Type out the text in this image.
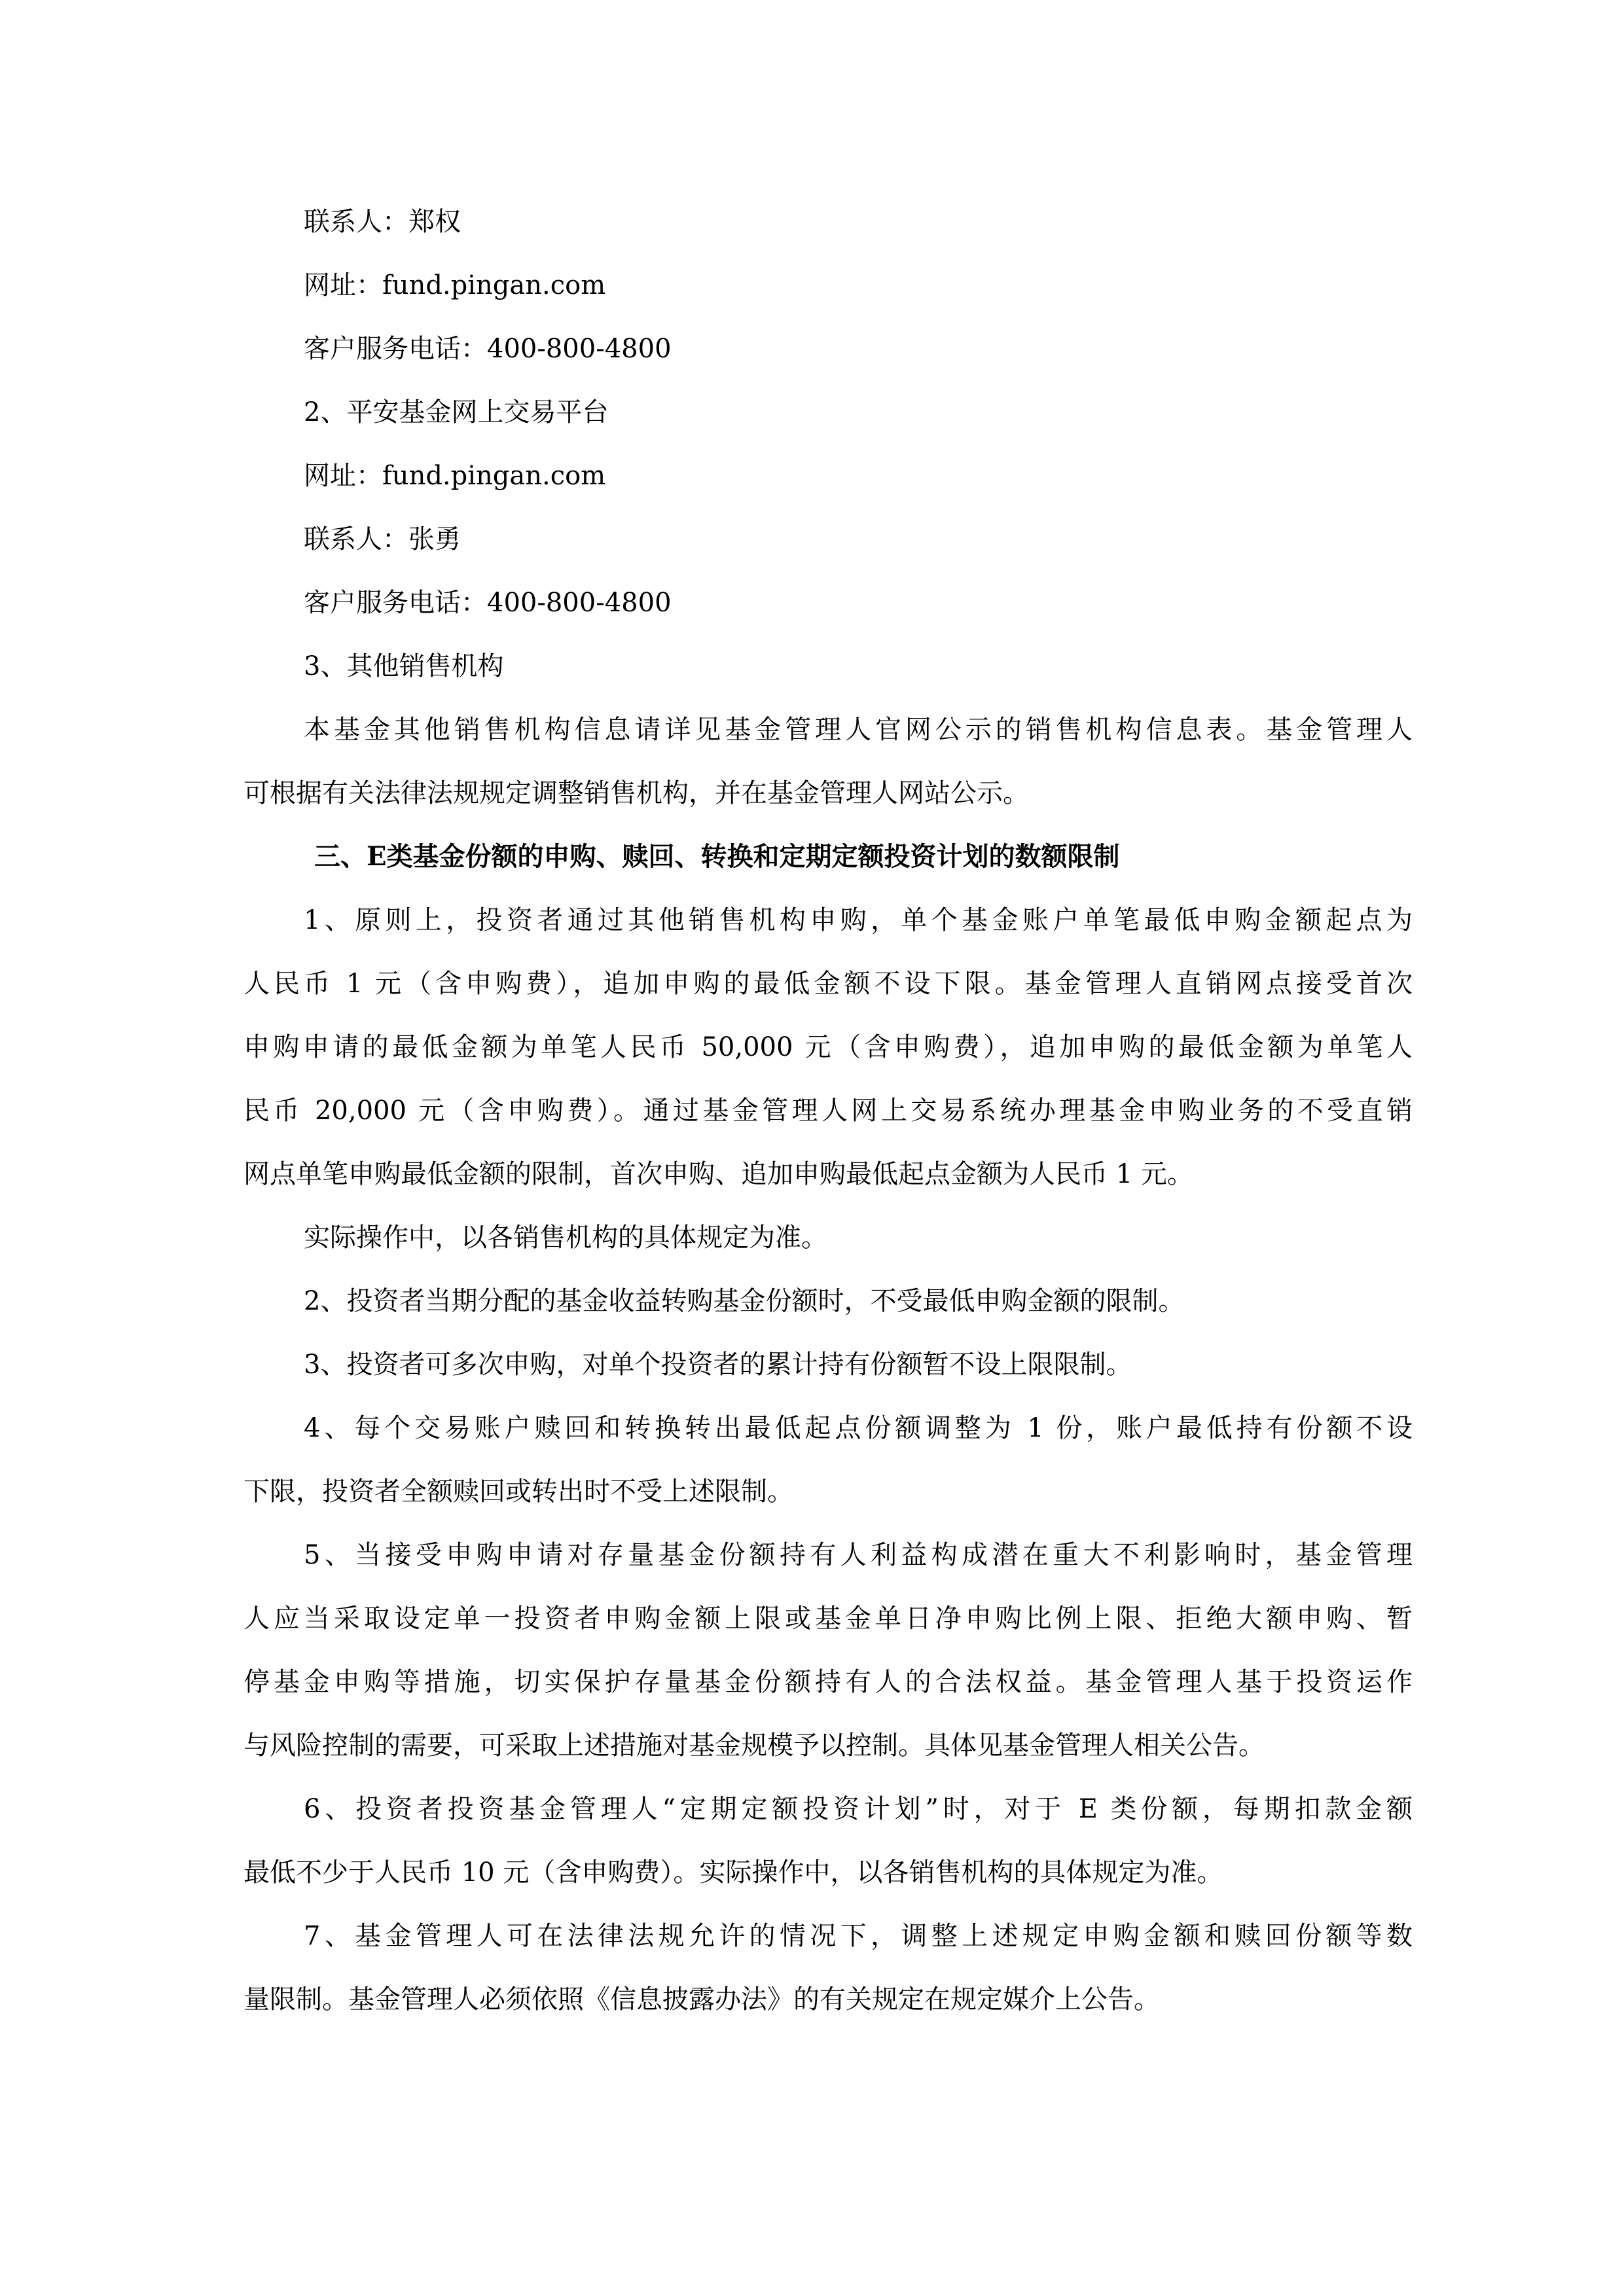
联系人：郑权
网址：fund.pingan.com
客户服务电话：400-800-4800
2、平安基金网上交易平台
网址：fund.pingan.com
联系人：张勇
客户服务电话：400-800-4800
3、其他销售机构
本基金其他销售机构信息请详见基金管理人官网公示的销售机构信息表。基金管理人
可根据有关法律法规规定调整销售机构，并在基金管理人网站公示。
三、E类基金份额的申购、赎回、转换和定期定额投资计划的数额限制
1、原则上，投资者通过其他销售机构申购，单个基金账户单笔最低申购金额起点为
人民币 1 元（含申购费），追加申购的最低金额不设下限。基金管理人直销网点接受首次
申购申请的最低金额为单笔人民币 50,000 元（含申购费），追加申购的最低金额为单笔人
民币 20,000 元（含申购费）。通过基金管理人网上交易系统办理基金申购业务的不受直销
网点单笔申购最低金额的限制，首次申购、追加申购最低起点金额为人民币 1 元。
实际操作中，以各销售机构的具体规定为准。
2、投资者当期分配的基金收益转购基金份额时，不受最低申购金额的限制。
3、投资者可多次申购，对单个投资者的累计持有份额暂不设上限限制。
4、每个交易账户赎回和转换转出最低起点份额调整为 1 份，账户最低持有份额不设
下限，投资者全额赎回或转出时不受上述限制。
5、当接受申购申请对存量基金份额持有人利益构成潜在重大不利影响时，基金管理
人应当采取设定单一投资者申购金额上限或基金单日净申购比例上限、拒绝大额申购、暂
停基金申购等措施，切实保护存量基金份额持有人的合法权益。基金管理人基于投资运作
与风险控制的需要，可采取上述措施对基金规模予以控制。具体见基金管理人相关公告。
6、投资者投资基金管理人“定期定额投资计划”时，对于 E 类份额，每期扣款金额
最低不少于人民币 10 元（含申购费）。实际操作中，以各销售机构的具体规定为准。
7、基金管理人可在法律法规允许的情况下，调整上述规定申购金额和赎回份额等数
量限制。基金管理人必须依照《信息披露办法》的有关规定在规定媒介上公告。
